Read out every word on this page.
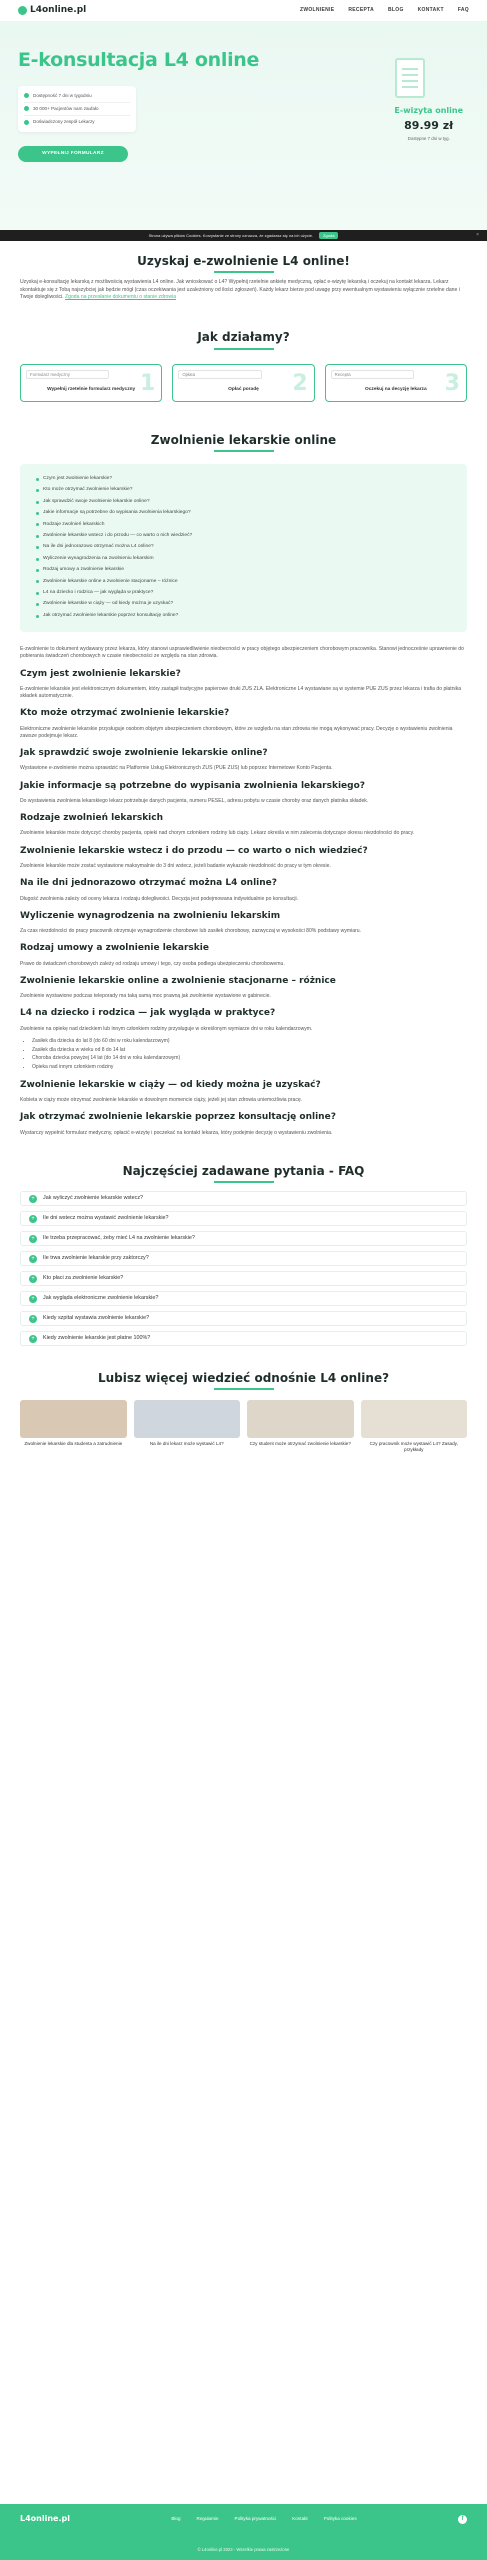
L4online.pl	ZWOLNIENIE	RECEPTA	BLOG	KONTAKT	FAQ
E-konsultacja L4 online
Dostępność 7 dni w tygodniu
30 000+ Pacjentów nam zaufało
Doświadczony zespół Lekarzy
WYPEŁNIJ FORMULARZ
E-wizyta online
89.99 zł
Dostępne 7 dni w tyg.
Strona używa plików Cookies. Korzystanie ze strony oznacza, że zgadzasz się na ich użycie.	Zgoda	×
Uzyskaj e-zwolnienie L4 online!

Uzyskaj e-konsultację lekarską z możliwością wystawienia L4 online. Jak wnioskować o L4? Wypełnij rzetelnie ankietę medyczną, opłać e-wizytę lekarską i oczekuj na kontakt lekarza. Lekarz skontaktuje się z Tobą najszybciej jak będzie mógł (czas oczekiwania jest uzależniony od ilości zgłoszeń). Każdy lekarz bierze pod uwagę przy ewentualnym wystawieniu wyłącznie rzetelne dane i Twoje dolegliwości. Zgoda na przesłanie dokumentu o stanie zdrowia

Jak działamy?
Formularz medyczny	1
Wypełnij rzetelnie formularz medyczny
Opłata	2
Opłać poradę
Recepta	3
Oczekuj na decyzję lekarza
Zwolnienie lekarskie online
Czym jest zwolnienie lekarskie?
Kto może otrzymać zwolnienie lekarskie?
Jak sprawdzić swoje zwolnienie lekarskie online?
Jakie informacje są potrzebne do wypisania zwolnienia lekarskiego?
Rodzaje zwolnień lekarskich
Zwolnienie lekarskie wstecz i do przodu — co warto o nich wiedzieć?
Na ile dni jednorazowo otrzymać można L4 online?
Wyliczenie wynagrodzenia na zwolnieniu lekarskim
Rodzaj umowy a zwolnienie lekarskie
Zwolnienie lekarskie online a zwolnienie stacjonarne – różnice
L4 na dziecko i rodzica — jak wygląda w praktyce?
Zwolnienie lekarskie w ciąży — od kiedy można je uzyskać?
Jak otrzymać zwolnienie lekarskie poprzez konsultację online?

E-zwolnienie to dokument wydawany przez lekarza, który stanowi usprawiedliwienie nieobecności w pracy objętego ubezpieczeniem chorobowym pracownika. Stanowi jednocześnie uprawnienie do pobierania świadczeń chorobowych w czasie nieobecności ze względu na stan zdrowia.

Czym jest zwolnienie lekarskie?

E-zwolnienie lekarskie jest elektronicznym dokumentem, który zastąpił tradycyjne papierowe druki ZUS ZLA. Elektroniczne L4 wystawiane są w systemie PUE ZUS przez lekarza i trafia do płatnika składek automatycznie.

Kto może otrzymać zwolnienie lekarskie?

Elektroniczne zwolnienie lekarskie przysługuje osobom objętym ubezpieczeniem chorobowym, które ze względu na stan zdrowia nie mogą wykonywać pracy. Decyzję o wystawieniu zwolnienia zawsze podejmuje lekarz.

Jak sprawdzić swoje zwolnienie lekarskie online?

Wystawione e-zwolnienie można sprawdzić na Platformie Usług Elektronicznych ZUS (PUE ZUS) lub poprzez Internetowe Konto Pacjenta.

Jakie informacje są potrzebne do wypisania zwolnienia lekarskiego?

Do wystawienia zwolnienia lekarskiego lekarz potrzebuje danych pacjenta, numeru PESEL, adresu pobytu w czasie choroby oraz danych płatnika składek.

Rodzaje zwolnień lekarskich

Zwolnienie lekarskie może dotyczyć choroby pacjenta, opieki nad chorym członkiem rodziny lub ciąży. Lekarz określa w nim zalecenia dotyczące okresu niezdolności do pracy.

Zwolnienie lekarskie wstecz i do przodu — co warto o nich wiedzieć?

Zwolnienie lekarskie może zostać wystawione maksymalnie do 3 dni wstecz, jeżeli badanie wykazało niezdolność do pracy w tym okresie.

Na ile dni jednorazowo otrzymać można L4 online?

Długość zwolnienia zależy od oceny lekarza i rodzaju dolegliwości. Decyzja jest podejmowana indywidualnie po konsultacji.

Wyliczenie wynagrodzenia na zwolnieniu lekarskim

Za czas niezdolności do pracy pracownik otrzymuje wynagrodzenie chorobowe lub zasiłek chorobowy, zazwyczaj w wysokości 80% podstawy wymiaru.

Rodzaj umowy a zwolnienie lekarskie

Prawo do świadczeń chorobowych zależy od rodzaju umowy i tego, czy osoba podlega ubezpieczeniu chorobowemu.

Zwolnienie lekarskie online a zwolnienie stacjonarne – różnice

Zwolnienie wystawione podczas teleporady ma taką samą moc prawną jak zwolnienie wystawione w gabinecie.

L4 na dziecko i rodzica — jak wygląda w praktyce?

Zwolnienie na opiekę nad dzieckiem lub innym członkiem rodziny przysługuje w określonym wymiarze dni w roku kalendarzowym.

• Zasiłek dla dziecka do lat 8 (do 60 dni w roku kalendarzowym)
• Zasiłek dla dziecka w wieku od 8 do 14 lat
• Choroba dziecka powyżej 14 lat (do 14 dni w roku kalendarzowym)
• Opieka nad innym członkiem rodziny
Zwolnienie lekarskie w ciąży — od kiedy można je uzyskać?

Kobieta w ciąży może otrzymać zwolnienie lekarskie w dowolnym momencie ciąży, jeżeli jej stan zdrowia uniemożliwia pracę.

Jak otrzymać zwolnienie lekarskie poprzez konsultację online?

Wystarczy wypełnić formularz medyczny, opłacić e-wizytę i poczekać na kontakt lekarza, który podejmie decyzję o wystawieniu zwolnienia.

Najczęściej zadawane pytania - FAQ
+	Jak wyliczyć zwolnienie lekarskie wstecz?
+	Ile dni wstecz można wystawić zwolnienie lekarskie?
+	Ile trzeba przepracować, żeby mieć L4 na zwolnienie lekarskie?
+	Ile trwa zwolnienie lekarskie przy zaktorczy?
+	Kto płaci za zwolnienie lekarskie?
+	Jak wygląda elektroniczne zwolnienie lekarskie?
+	Kiedy szpital wystawia zwolnienie lekarskie?
+	Kiedy zwolnienie lekarskie jest płatne 100%?
Lubisz więcej wiedzieć odnośnie L4 online?
Zwolnienie lekarskie dla studenta a zatrudnienie	Na ile dni lekarz może wystawić L4?	Czy student może otrzymać zwolnienie lekarskie?	Czy pracownik może wystawić L4? Zasady, przykłady
L4online.pl	Blog	Regulamin	Polityka prywatności	Kontakt	Polityka cookies	f
© L4online.pl 2023 - Wszelkie prawa zastrzeżone
